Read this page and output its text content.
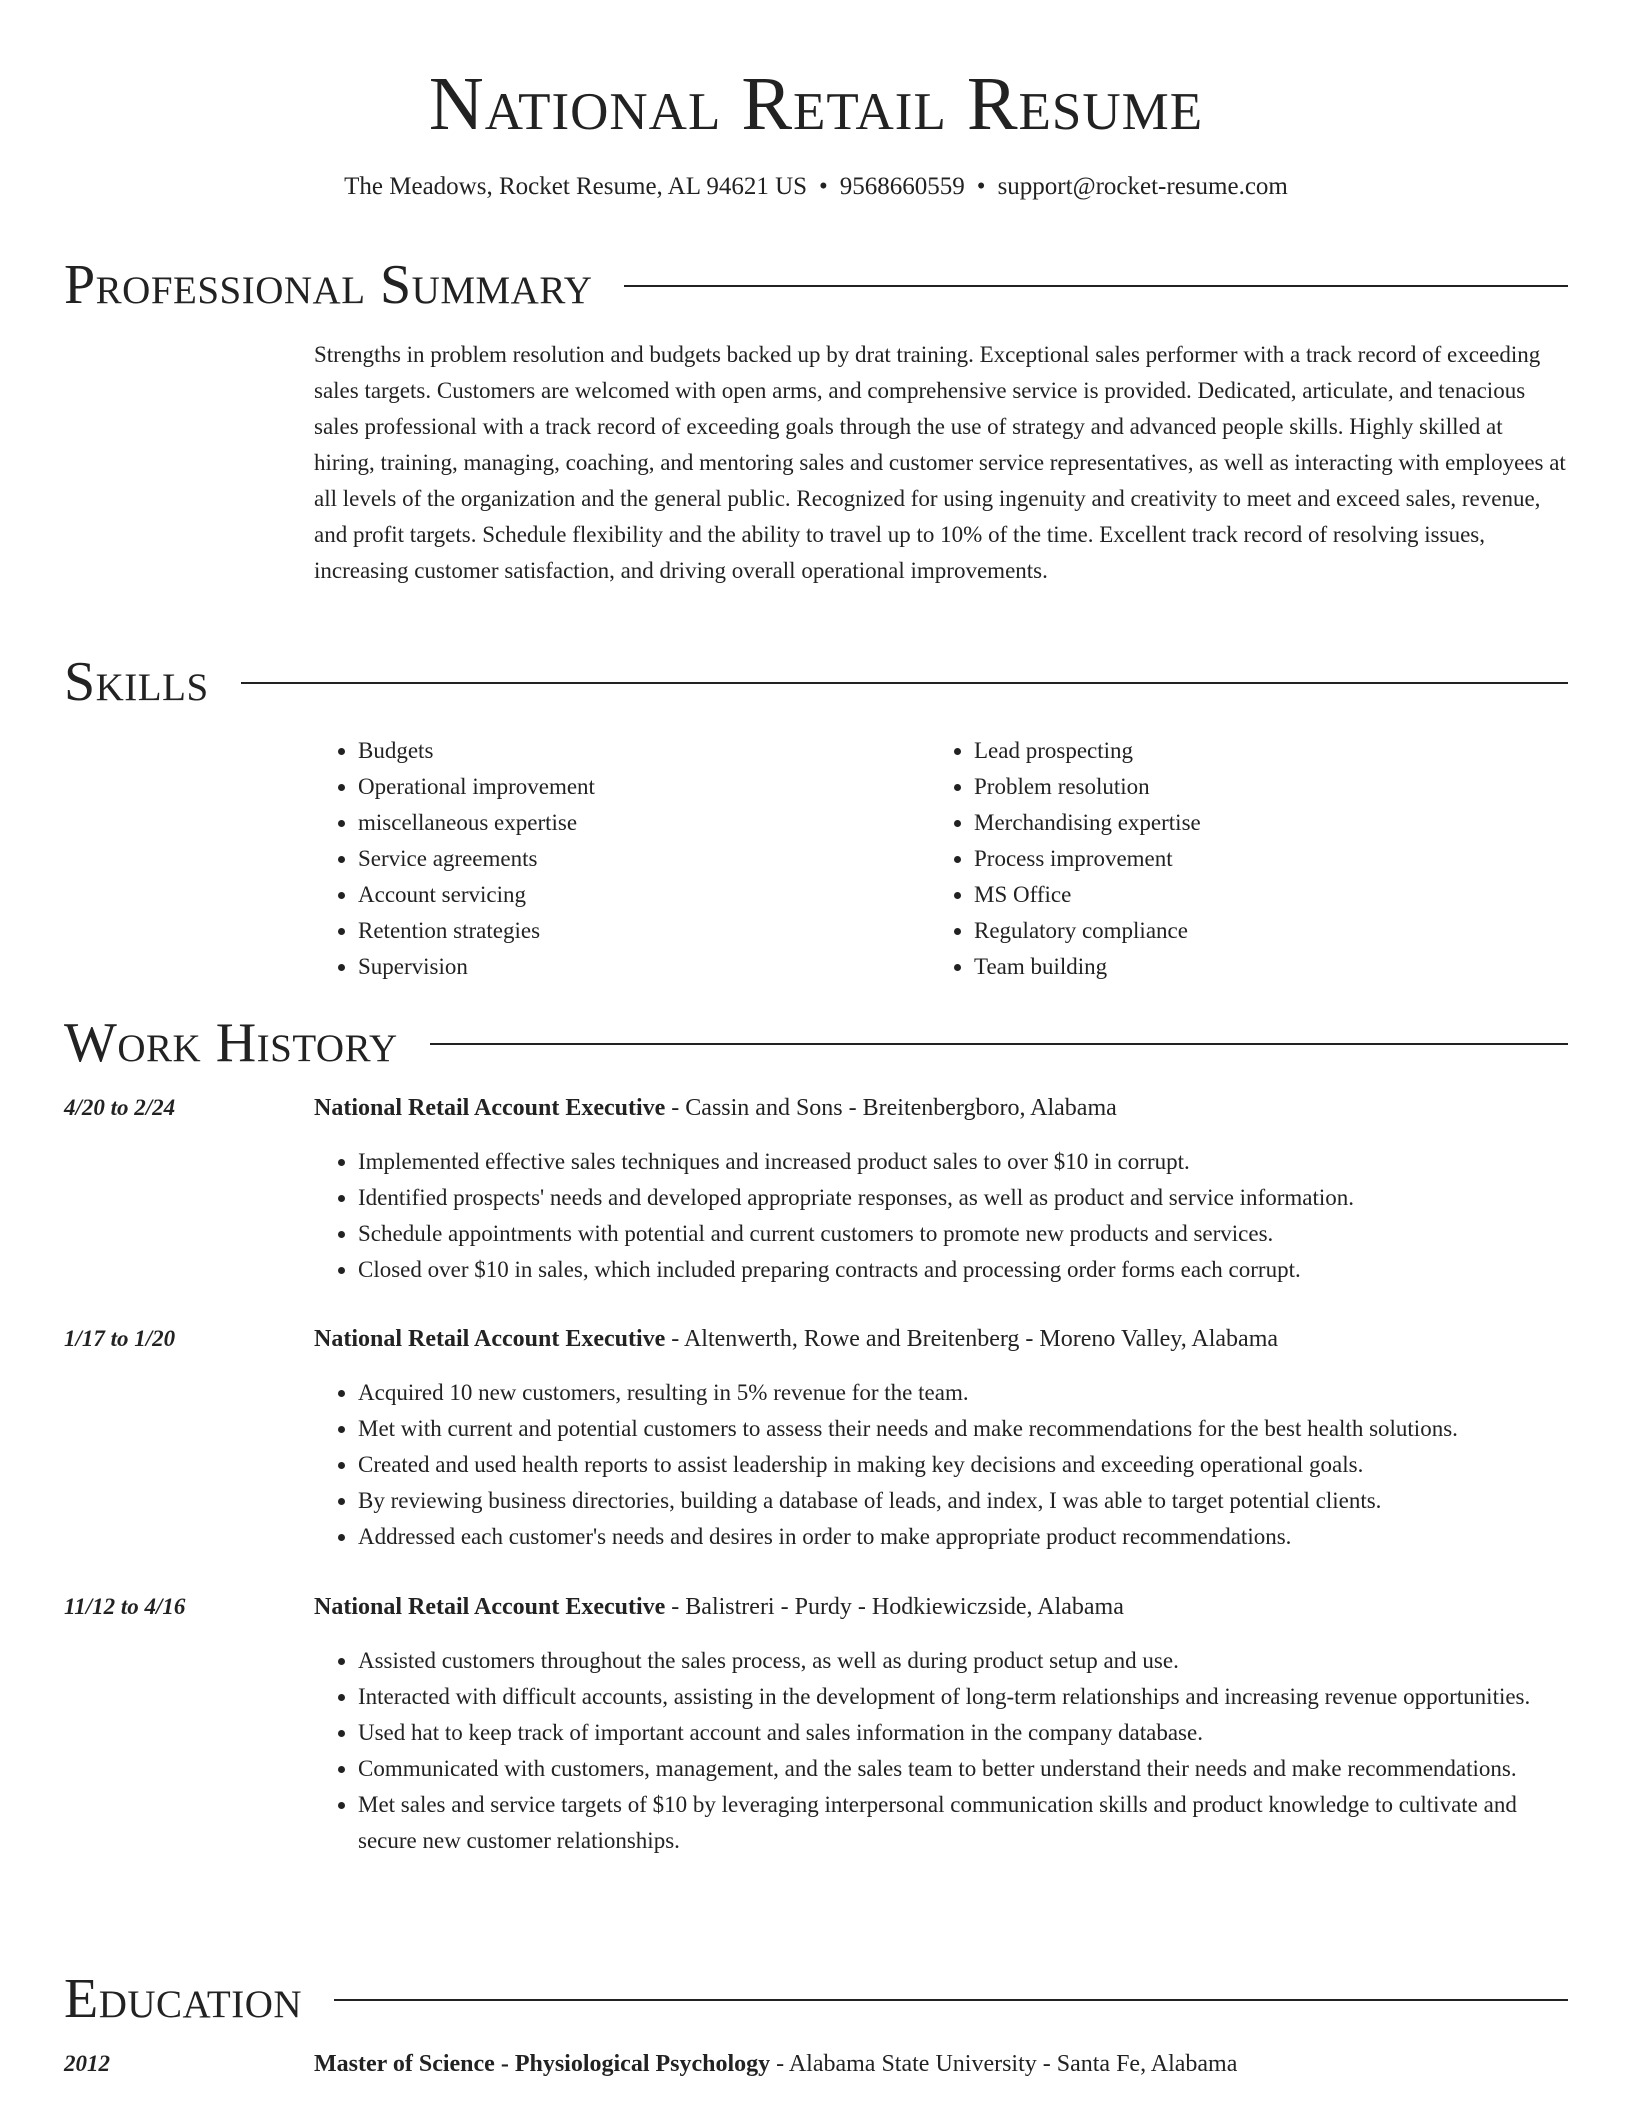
National Retail Resume
The Meadows, Rocket Resume, AL 94621 US • 9568660559 • support@rocket-resume.com
Professional Summary

Strengths in problem resolution and budgets backed up by drat training. Exceptional sales performer with a track record of exceeding sales targets. Customers are welcomed with open arms, and comprehensive service is provided. Dedicated, articulate, and tenacious sales professional with a track record of exceeding goals through the use of strategy and advanced people skills. Highly skilled at hiring, training, managing, coaching, and mentoring sales and customer service representatives, as well as interacting with employees at all levels of the organization and the general public. Recognized for using ingenuity and creativity to meet and exceed sales, revenue, and profit targets. Schedule flexibility and the ability to travel up to 10% of the time. Excellent track record of resolving issues, increasing customer satisfaction, and driving overall operational improvements.

Skills
• Budgets
• Operational improvement
• miscellaneous expertise
• Service agreements
• Account servicing
• Retention strategies
• Supervision
• Lead prospecting
• Problem resolution
• Merchandising expertise
• Process improvement
• MS Office
• Regulatory compliance
• Team building
Work History
4/20 to 2/24	National Retail Account Executive - Cassin and Sons - Breitenbergboro, Alabama
• Implemented effective sales techniques and increased product sales to over $10 in corrupt.
• Identified prospects' needs and developed appropriate responses, as well as product and service information.
• Schedule appointments with potential and current customers to promote new products and services.
• Closed over $10 in sales, which included preparing contracts and processing order forms each corrupt.
1/17 to 1/20	National Retail Account Executive - Altenwerth, Rowe and Breitenberg - Moreno Valley, Alabama
• Acquired 10 new customers, resulting in 5% revenue for the team.
• Met with current and potential customers to assess their needs and make recommendations for the best health solutions.
• Created and used health reports to assist leadership in making key decisions and exceeding operational goals.
• By reviewing business directories, building a database of leads, and index, I was able to target potential clients.
• Addressed each customer's needs and desires in order to make appropriate product recommendations.
11/12 to 4/16	National Retail Account Executive - Balistreri - Purdy - Hodkiewiczside, Alabama
• Assisted customers throughout the sales process, as well as during product setup and use.
• Interacted with difficult accounts, assisting in the development of long-term relationships and increasing revenue opportunities.
• Used hat to keep track of important account and sales information in the company database.
• Communicated with customers, management, and the sales team to better understand their needs and make recommendations.
• Met sales and service targets of $10 by leveraging interpersonal communication skills and product knowledge to cultivate and secure new customer relationships.
Education
2012	Master of Science - Physiological Psychology - Alabama State University - Santa Fe, Alabama
